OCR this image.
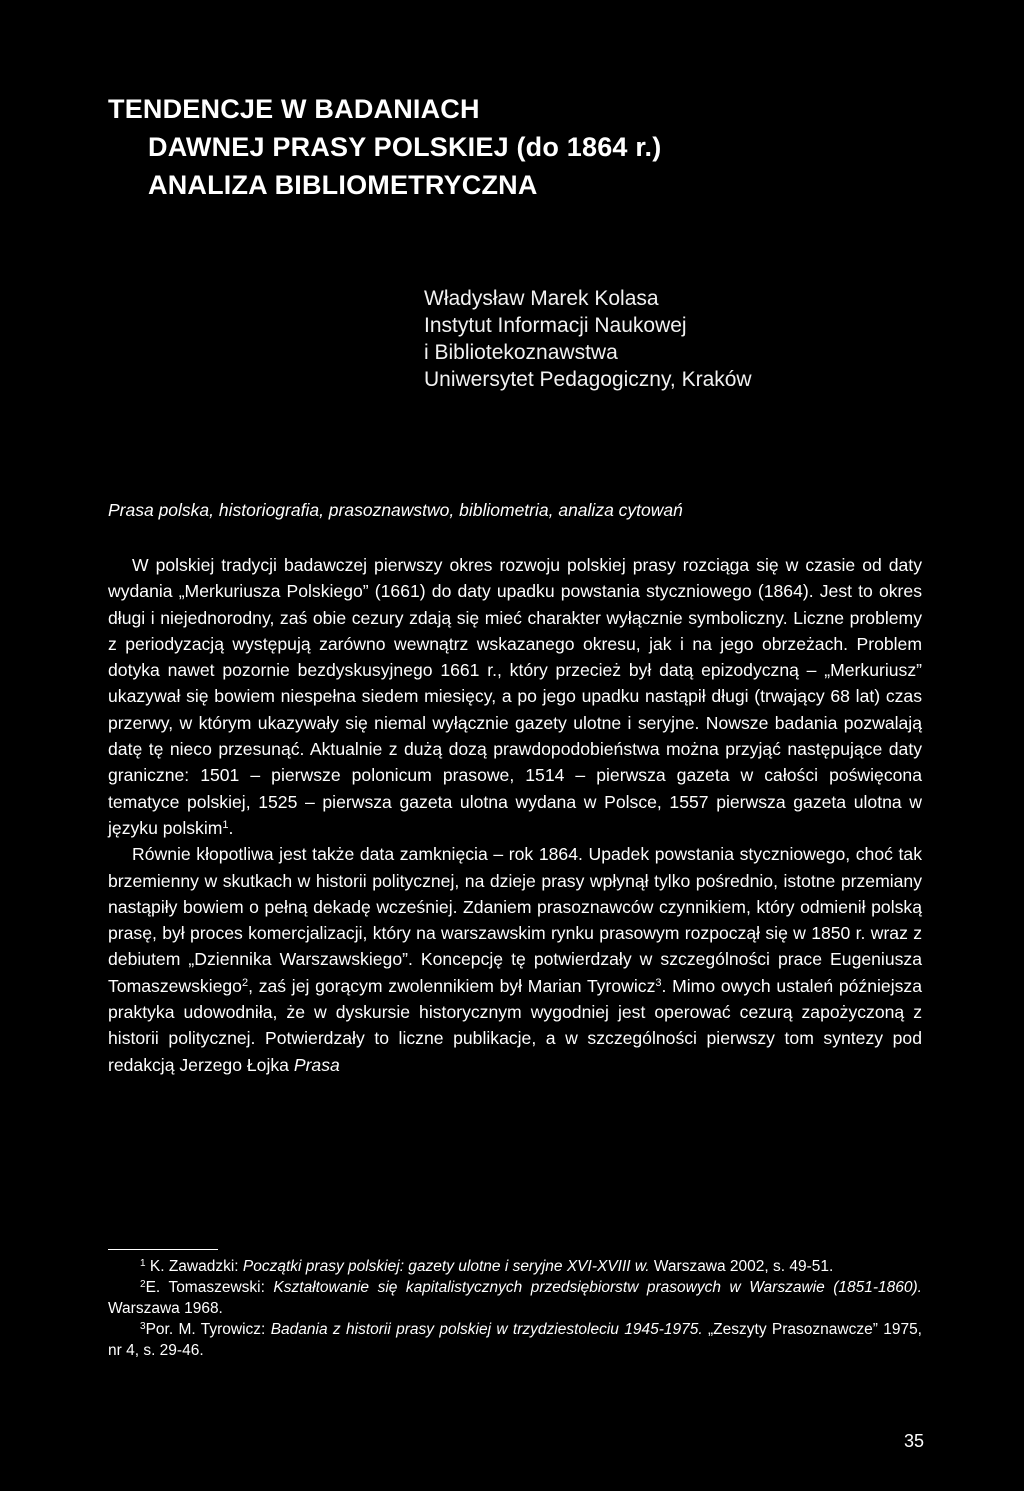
TENDENCJE W BADANIACH
DAWNEJ PRASY POLSKIEJ (do 1864 r.)
ANALIZA BIBLIOMETRYCZNA
Władysław Marek Kolasa
Instytut Informacji Naukowej
i Bibliotekoznawstwa
Uniwersytet Pedagogiczny, Kraków
Prasa polska, historiografia, prasoznawstwo, bibliometria, analiza cytowań

W polskiej tradycji badawczej pierwszy okres rozwoju polskiej prasy rozciąga się w czasie od daty wydania „Merkuriusza Polskiego” (1661) do daty upadku powstania styczniowego (1864). Jest to okres długi i niejednorodny, zaś obie cezury zdają się mieć charakter wyłącznie symboliczny. Liczne problemy z periodyzacją występują zarówno wewnątrz wskazanego okresu, jak i na jego obrzeżach. Problem dotyka nawet pozornie bezdyskusyjnego 1661 r., który przecież był datą epizodyczną – „Merkuriusz” ukazywał się bowiem niespełna siedem miesięcy, a po jego upadku nastąpił długi (trwający 68 lat) czas przerwy, w którym ukazywały się niemal wyłącznie gazety ulotne i seryjne. Nowsze badania pozwalają datę tę nieco przesunąć. Aktualnie z dużą dozą prawdopodobieństwa można przyjąć następujące daty graniczne: 1501 – pierwsze polonicum prasowe, 1514 – pierwsza gazeta w całości poświęcona tematyce polskiej, 1525 – pierwsza gazeta ulotna wydana w Polsce, 1557 pierwsza gazeta ulotna w języku polskim$^1$.

Równie kłopotliwa jest także data zamknięcia – rok 1864. Upadek powstania styczniowego, choć tak brzemienny w skutkach w historii politycznej, na dzieje prasy wpłynął tylko pośrednio, istotne przemiany nastąpiły bowiem o pełną dekadę wcześniej. Zdaniem prasoznawców czynnikiem, który odmienił polską prasę, był proces komercjalizacji, który na warszawskim rynku prasowym rozpoczął się w 1850 r. wraz z debiutem „Dziennika Warszawskiego”. Koncepcję tę potwierdzały w szczególności prace Eugeniusza Tomaszewskiego$^2$, zaś jej gorącym zwolennikiem był Marian Tyrowicz$^3$. Mimo owych ustaleń późniejsza praktyka udowodniła, że w dyskursie historycznym wygodniej jest operować cezurą zapożyczoną z historii politycznej. Potwierdzały to liczne publikacje, a w szczególności pierwszy tom syntezy pod redakcją Jerzego Łojka Prasa

$^1$ K. Zawadzki: Początki prasy polskiej: gazety ulotne i seryjne XVI-XVIII w. Warszawa 2002, s. 49-51.

$^2$E. Tomaszewski: Kształtowanie się kapitalistycznych przedsiębiorstw prasowych w Warszawie (1851-1860). Warszawa 1968.

$^3$Por. M. Tyrowicz: Badania z historii prasy polskiej w trzydziestoleciu 1945-1975. „Zeszyty Prasoznawcze” 1975, nr 4, s. 29-46.

35
